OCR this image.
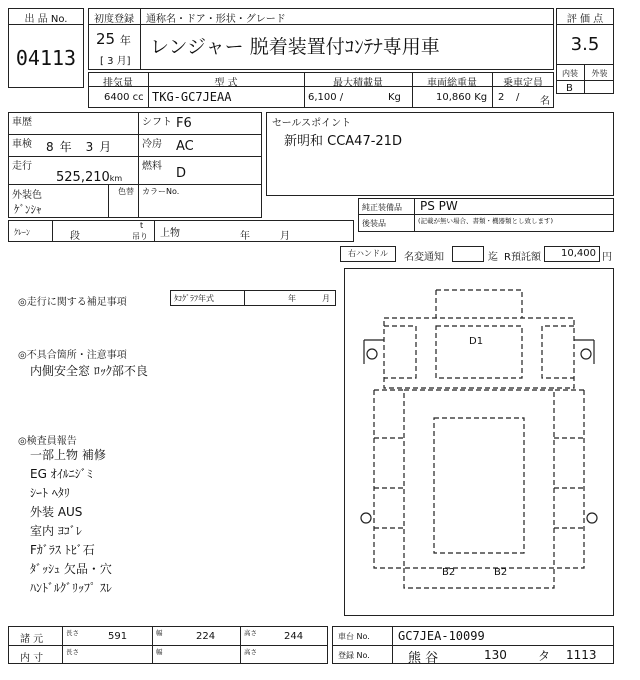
出 品 No.
04113
初度登録 通称名・ドア・形状・グレード
25 年
[ 3 月]
レンジャー 脱着装置付ｺﾝﾃﾅ専用車
評 価 点
3.5
内装	外装
B
排気量	型 式	最大積載量	車両総重量	乗車定員
6400 cc TKG-GC7JEAA	6,100 /	Kg	10,860 Kg 2 / 名
車歴	シフト F6
車検 8 年 3 月	冷房 AC
走行
525,210km
燃料 D
外装色
ｹﾞﾝｼｬ
色替 カラーNo.
セールスポイント
新明和 CCA47-21D
純正装備品 PS PW
後装品	(記載が無い場合、書類・機器類とし致します)
ｸﾚｰﾝ	段
t
吊り 上物	年	月
右ハンドル	名変通知	迄 R預託額	10,400 円
◎走行に関する補足事項	ﾀｺｸﾞﾗﾌ年式	年	月
◎不具合箇所・注意事項
内側安全窓 ﾛｯｸ部不良
◎検査員報告
一部上物 補修
EG ｵｲﾙﾆｼﾞﾐ
ｼｰﾄ ﾍﾀﾘ
外装 AUS
室内 ﾖｺﾞﾚ
Fｶﾞﾗｽ ﾄﾋﾞ石
ﾀﾞｯｼｭ 欠品・穴
ﾊﾝﾄﾞﾙｸﾞﾘｯﾌﾟ ｽﾚ
D1
B2	B2
諸 元
内 寸
長さ	591
長さ
幅	224
幅
高さ	244
高さ
車台 No. GC7JEA-10099
登録 No.	熊 谷	130	タ 1113
